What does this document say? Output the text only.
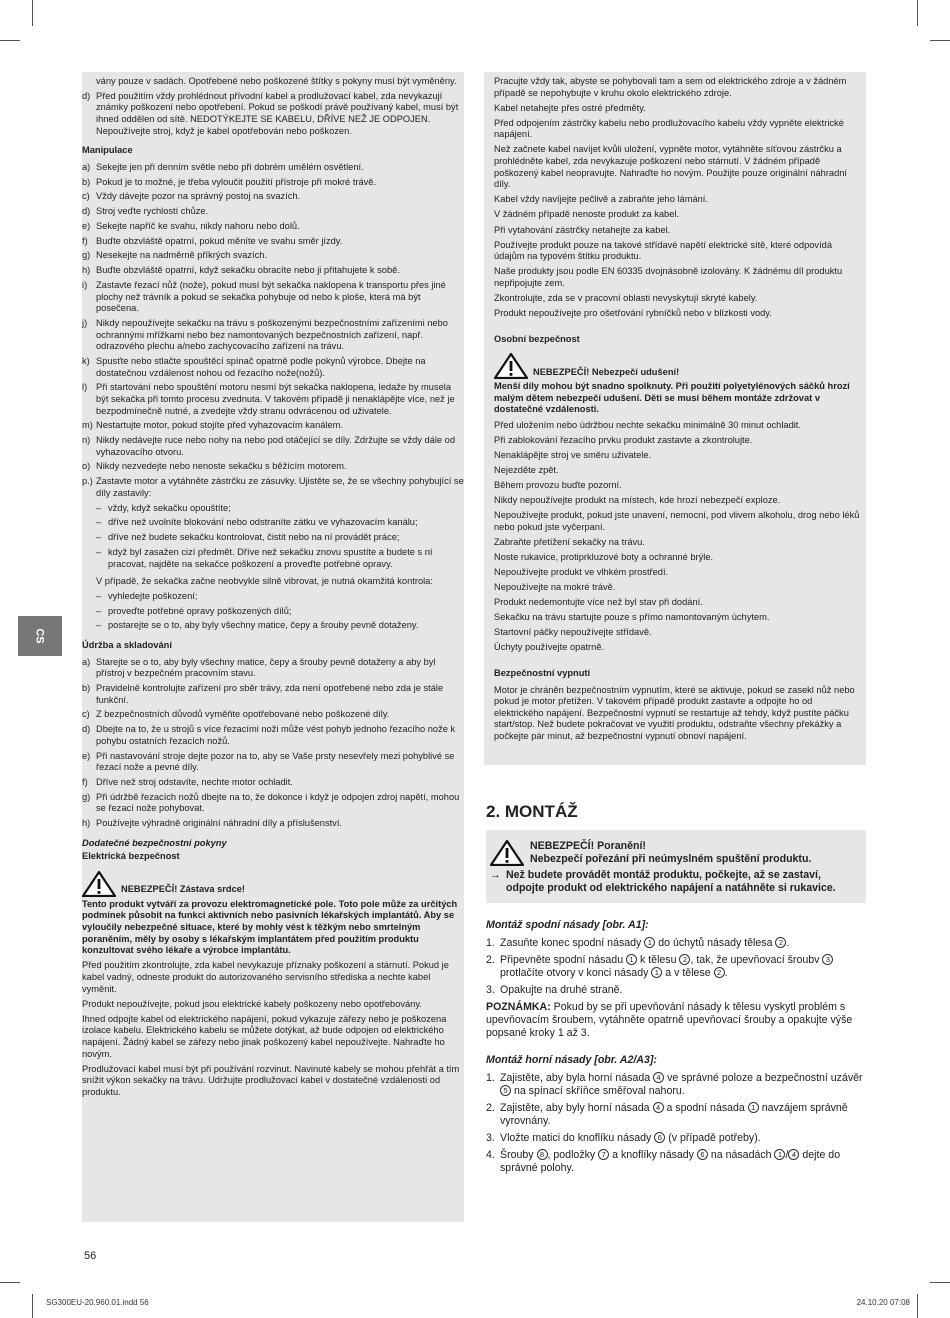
CS
vány pouze v sadách. Opotřebené nebo poškozené štítky s pokyny musí být vyměněny.
d) Před použitím vždy prohlédnout přívodní kabel a prodlužovací kabel, zda nevykazují známky poškození nebo opotřebení. Pokud se poškodí právě používaný kabel, musí být ihned oddělen od sítě. NEDOTÝKEJTE SE KABELU, DŘÍVE NEŽ JE ODPOJEN. Nepoužívejte stroj, když je kabel opotřebován nebo poškozen.
Manipulace
a) Sekejte jen při denním světle nebo při dobrém umělém osvětlení.
b) Pokud je to možné, je třeba vyloučit použití přístroje při mokré trávě.
c) Vždy dávejte pozor na správný postoj na svazích.
d) Stroj veďte rychlostí chůze.
e) Sekejte napříč ke svahu, nikdy nahoru nebo dolů.
f) Buďte obzvláště opatrní, pokud měníte ve svahu směr jízdy.
g) Nesekejte na nadměrně příkrých svazích.
h) Buďte obzvláště opatrní, když sekačku obracíte nebo ji přitahujete k sobě.
i) Zastavte řezací nůž (nože), pokud musí být sekačka naklopena k transportu přes jiné plochy než trávník a pokud se sekačka pohybuje od nebo k ploše, která má být posečena.
j) Nikdy nepoužívejte sekačku na trávu s poškozenými bezpečnostními zařízeními nebo ochrannými mřížkami nebo bez namontovaných bezpečnostních zařízení, např. odrazového plechu a/nebo zachycovacího zařízení na trávu.
k) Spusťte nebo stlačte spouštěcí spínač opatrně podle pokynů výrobce. Dbejte na dostatečnou vzdálenost nohou od řezacího nože(nožů).
l) Při startování nebo spouštění motoru nesmí být sekačka naklopena, ledaže by musela být sekačka při tomto procesu zvednuta. V takovém případě ji nenaklápějte více, než je bezpodmínečně nutné, a zvedejte vždy stranu odvrácenou od uživatele.
m) Nestartujte motor, pokud stojíte před vyhazovacím kanálem.
n) Nikdy nedávejte ruce nebo nohy na nebo pod otáčející se díly. Zdržujte se vždy dále od vyhazovacího otvoru.
o) Nikdy nezvedejte nebo nenoste sekačku s běžícím motorem.
p.) Zastavte motor a vytáhněte zástrčku ze zásuvky. Ujistěte se, že se všechny pohybující se díly zastavily:
– vždy, když sekačku opouštíte;
– dříve než uvolníte blokování nebo odstraníte zátku ve vyhazovacím kanálu;
– dříve než budete sekačku kontrolovat, čistit nebo na ní provádět práce;
– když byl zasažen cizí předmět. Dříve než sekačku znovu spustíte a budete s ní pracovat, najděte na sekačce poškození a proveďte potřebné opravy.
V případě, že sekačka začne neobvykle silně vibrovat, je nutná okamžitá kontrola:
– vyhledejte poškození;
– proveďte potřebné opravy poškozených dílů;
– postarejte se o to, aby byly všechny matice, čepy a šrouby pevně dotaženy.
Údržba a skladování
a) Starejte se o to, aby byly všechny matice, čepy a šrouby pevně dotaženy a aby byl přístroj v bezpečném pracovním stavu.
b) Pravidelně kontrolujte zařízení pro sběr trávy, zda není opotřebené nebo zda je stále funkční.
c) Z bezpečnostních důvodů vyměňte opotřebované nebo poškozené díly.
d) Dbejte na to, že u strojů s více řezacími noži může vést pohyb jednoho řezacího nože k pohybu ostatních řezacích nožů.
e) Při nastavování stroje dejte pozor na to, aby se Vaše prsty nesevřely mezi pohyblivé se řezací nože a pevné díly.
f) Dříve než stroj odstavíte, nechte motor ochladit.
g) Při údržbě řezacích nožů dbejte na to, že dokonce i když je odpojen zdroj napětí, mohou se řezací nože pohybovat.
h) Používejte výhradně originální náhradní díly a příslušenství.
Dodatečné bezpečnostní pokyny
Elektrická bezpečnost
NEBEZPEČÍ! Zástava srdce!
Tento produkt vytváří za provozu elektromagnetické pole. Toto pole může za určitých podmínek působit na funkci aktivních nebo pasivních lékařských implantátů. Aby se vyloučily nebezpečné situace, které by mohly vést k těžkým nebo smrtelným poraněním, měly by osoby s lékařským implantátem před použitím produktu konzultovat svého lékaře a výrobce implantátu.
Před použitím zkontrolujte, zda kabel nevykazuje příznaky poškození a stárnutí. Pokud je kabel vadný, odneste produkt do autorizovaného servisního střediska a nechte kabel vyměnit.
Produkt nepoužívejte, pokud jsou elektrické kabely poškozeny nebo opotřebovány.
Ihned odpojte kabel od elektrického napájení, pokud vykazuje zářezy nebo je poškozena izolace kabelu. Elektrického kabelu se můžete dotýkat, až bude odpojen od elektrického napájení. Žádný kabel se zářezy nebo jinak poškozený kabel nepoužívejte. Nahraďte ho novým.
Prodlužovací kabel musí být při používání rozvinut. Navinuté kabely se mohou přehřát a tím snížit výkon sekačky na trávu. Udržujte prodlužovací kabel v dostatečné vzdálenosti od produktu.
Pracujte vždy tak, abyste se pohybovali tam a sem od elektrického zdroje a v žádném případě se nepohybujte v kruhu okolo elektrického zdroje.
Kabel netahejte přes ostré předměty.
Před odpojením zástrčky kabelu nebo prodlužovacího kabelu vždy vypněte elektrické napájení.
Než začnete kabel navíjet kvůli uložení, vypněte motor, vytáhněte síťovou zástrčku a prohlédněte kabel, zda nevykazuje poškození nebo stárnutí. V žádném případě poškozený kabel neopravujte. Nahraďte ho novým. Použijte pouze originální náhradní díly.
Kabel vždy navíjejte pečlivě a zabraňte jeho lámání.
V žádném případě nenoste produkt za kabel.
Při vytahování zástrčky netahejte za kabel.
Používejte produkt pouze na takové střídavé napětí elektrické sítě, které odpovídá údajům na typovém štítku produktu.
Naše produkty jsou podle EN 60335 dvojnásobně izolovány. K žádnému díl produktu nepřipojujte zem.
Zkontrolujte, zda se v pracovní oblasti nevyskytují skryté kabely.
Produkt nepoužívejte pro ošetřování rybníčků nebo v blízkosti vody.
Osobní bezpečnost
NEBEZPEČÍ! Nebezpečí udušení!
Menší díly mohou být snadno spolknuty. Při použití polyetylénových sáčků hrozí malým dětem nebezpečí udušení. Děti se musí během montáže zdržovat v dostatečné vzdálenosti.
Před uložením nebo údržbou nechte sekačku minimálně 30 minut ochladit.
Při zablokování řezacího prvku produkt zastavte a zkontrolujte.
Nenaklápějte stroj ve směru uživatele.
Nejezděte zpět.
Během provozu buďte pozorní.
Nikdy nepoužívejte produkt na místech, kde hrozí nebezpečí exploze.
Nepoužívejte produkt, pokud jste unavení, nemocní, pod vlivem alkoholu, drog nebo léků nebo pokud jste vyčerpaní.
Zabraňte přetížení sekačky na trávu.
Noste rukavice, protiprkluzové boty a ochranné brýle.
Nepoužívejte produkt ve vlhkém prostředí.
Nepoužívejte na mokré trávě.
Produkt nedemontujte více než byl stav při dodání.
Sekačku na trávu startujte pouze s přímo namontovaným úchytem.
Startovní páčky nepoužívejte střídavě.
Úchyty používejte opatrně.
Bezpečnostní vypnutí
Motor je chráněn bezpečnostním vypnutím, které se aktivuje, pokud se zasekl nůž nebo pokud je motor přetížen. V takovém případě produkt zastavte a odpojte ho od elektrického napájení. Bezpečnostní vypnutí se restartuje až tehdy, když pustíte páčku start/stop. Než budete pokračovat ve využití produktu, odstraňte všechny překážky a počkejte pár minut, až bezpečnostní vypnutí obnoví napájení.
2. MONTÁŽ
NEBEZPEČÍ! Poranění!
Nebezpečí pořezání při neúmyslném spuštění produktu.
→ Než budete provádět montáž produktu, počkejte, až se zastaví, odpojte produkt od elektrického napájení a natáhněte si rukavice.
Montáž spodní násady [obr. A1]:
1. Zasuňte konec spodní násady 1 do úchytů násady tělesa 2 .
2. Připevněte spodní násadu 1 k tělesu 2 , tak, že upevňovací šroubv 3 protlačíte otvory v konci násady 1 a v tělese 2 .
3. Opakujte na druhé straně.
POZNÁMKA: Pokud by se při upevňování násady k tělesu vyskytl problém s upevňovacím šroubem, vytáhněte opatrně upevňovací šrouby a opakujte výše popsané kroky 1 až 3.
Montáž horní násady [obr. A2/A3]:
1. Zajistěte, aby byla horní násada 4 ve správné poloze a bezpečnostní uzávěr 5 na spínací skříňce směřoval nahoru.
2. Zajistěte, aby byly horní násada 4 a spodní násada 1 navzájem správně vyrovnány.
3. Vložte matici do knoflíku násady 6 (v případě potřeby).
4. Šrouby 8 , podložky 7 a knoflíky násady 6 na násadách 1 / 4 dejte do správné polohy.
56
SG300EU-20.960.01.indd 56	24.10.20 07:08
